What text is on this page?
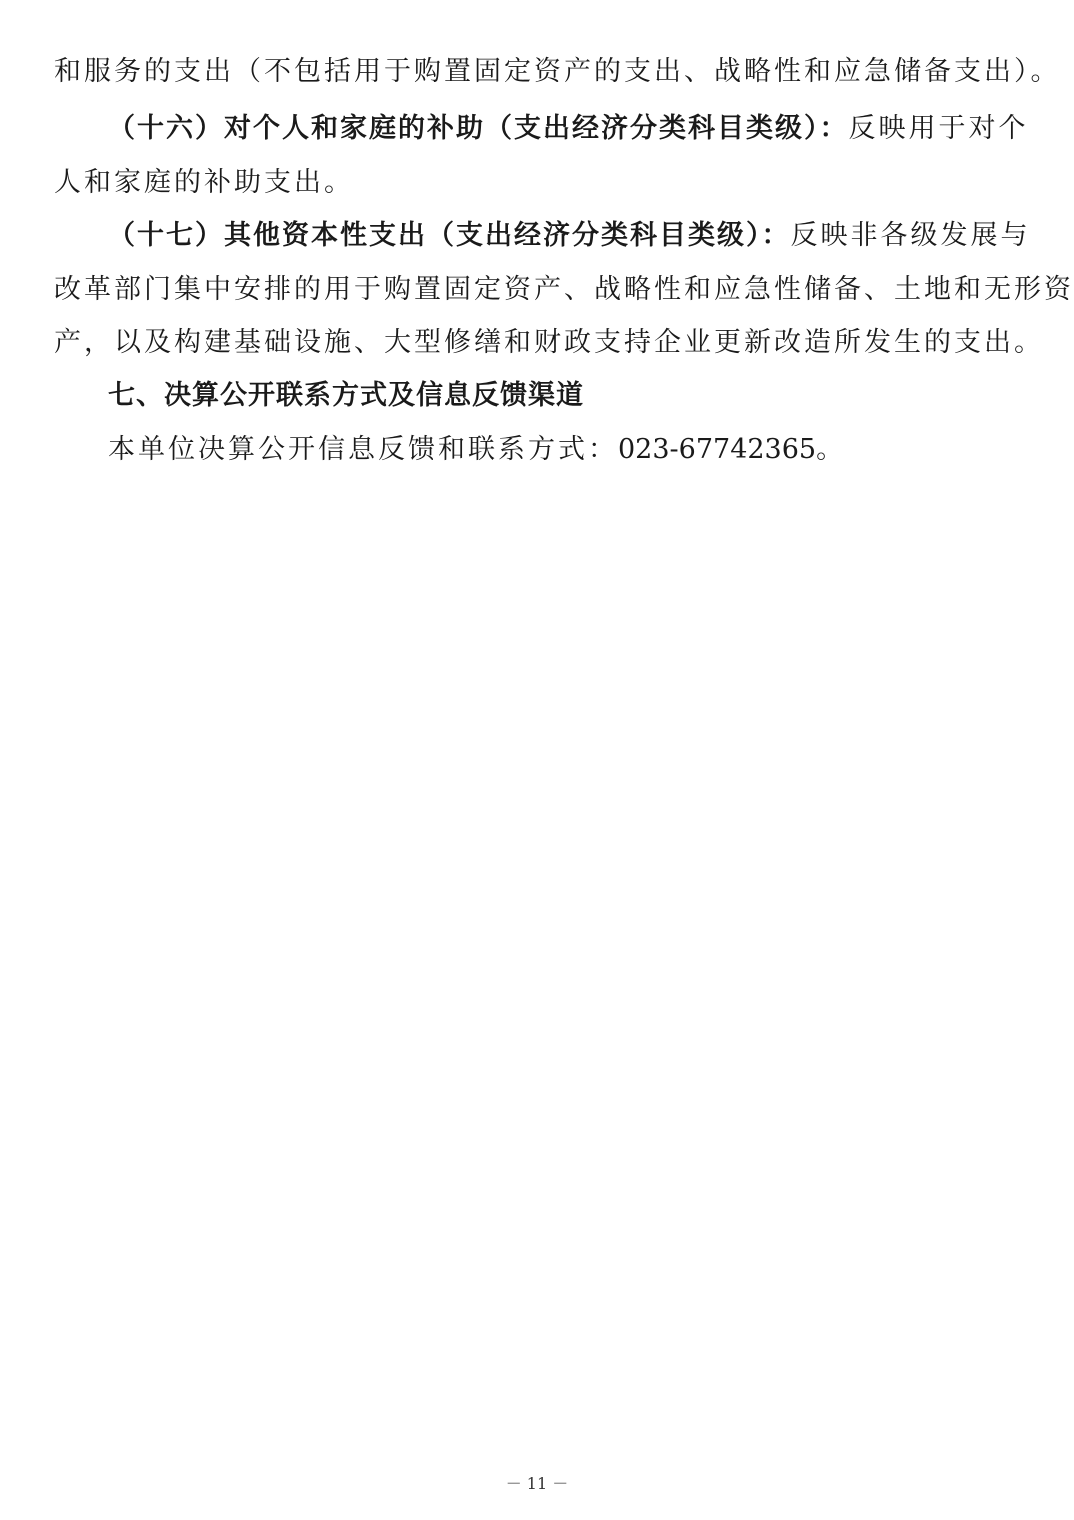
和服务的支出（不包括用于购置固定资产的支出、战略性和应急储备支出）。
（十六）对个人和家庭的补助（支出经济分类科目类级）：反映用于对个
人和家庭的补助支出。
（十七）其他资本性支出（支出经济分类科目类级）：反映非各级发展与
改革部门集中安排的用于购置固定资产、战略性和应急性储备、土地和无形资
产，以及构建基础设施、大型修缮和财政支持企业更新改造所发生的支出。
七、决算公开联系方式及信息反馈渠道
本单位决算公开信息反馈和联系方式：023-67742365。
－ 11 －
